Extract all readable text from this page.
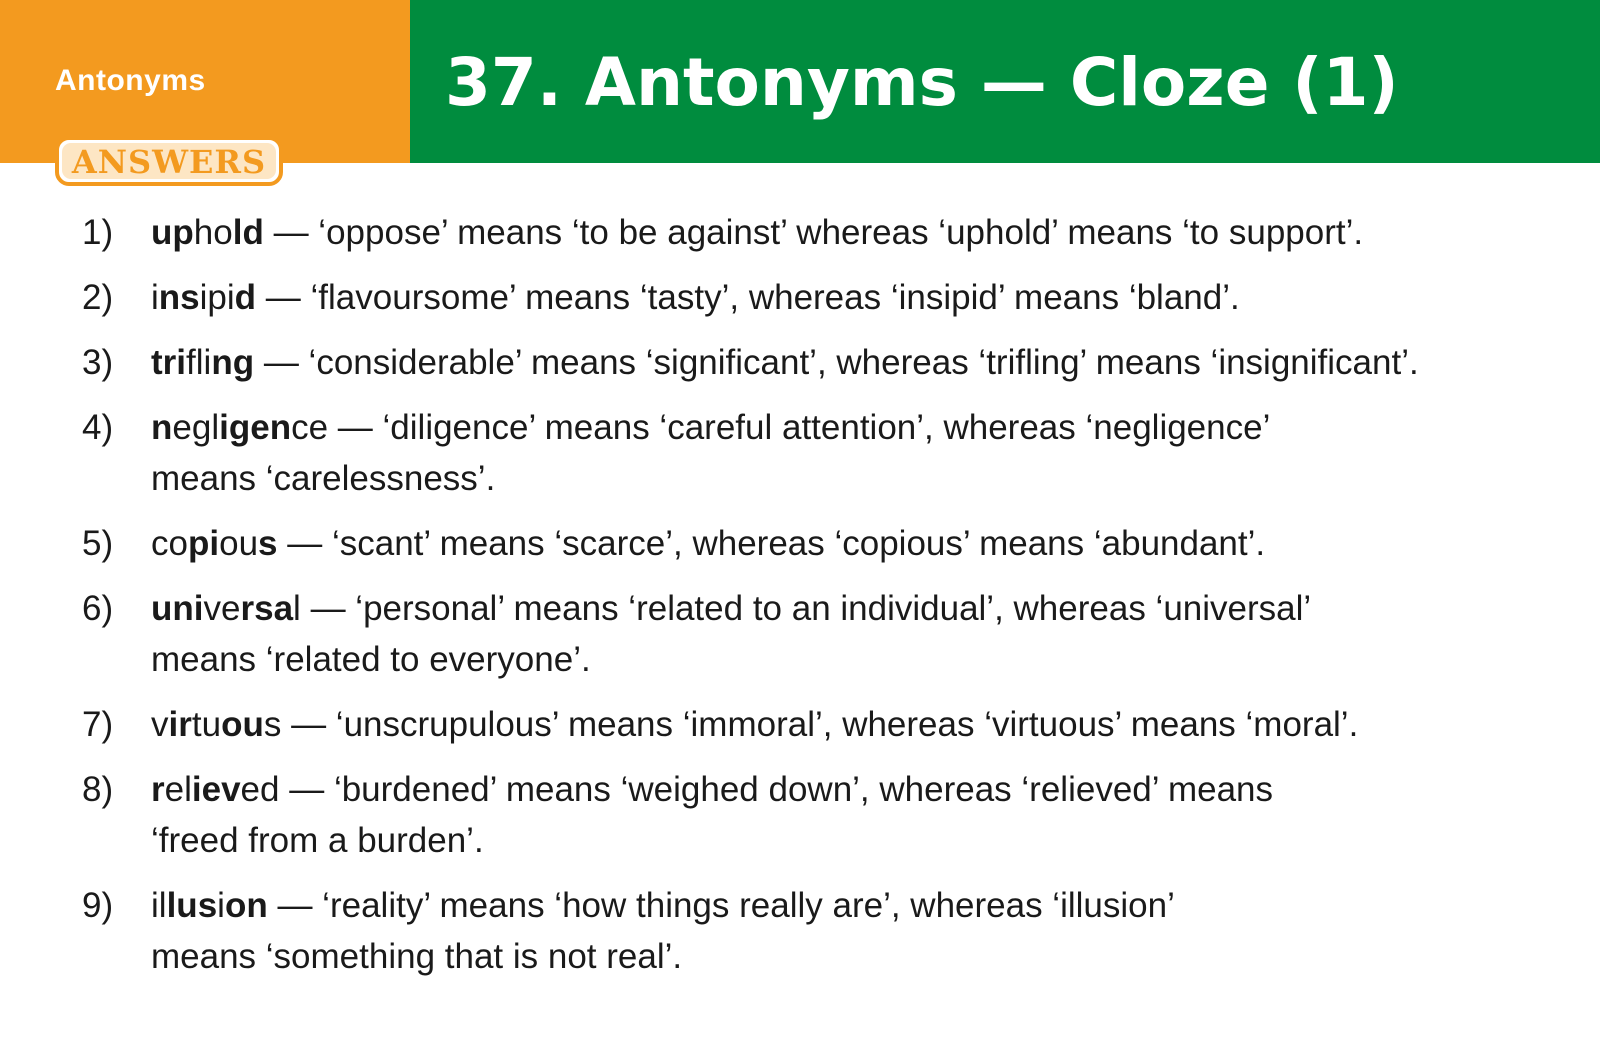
Antonyms	37. Antonyms — Cloze (1)
ANSWERS
1) uphold — ‘oppose’ means ‘to be against’ whereas ‘uphold’ means ‘to support’.
2) insipid — ‘flavoursome’ means ‘tasty’, whereas ‘insipid’ means ‘bland’.
3) trifling — ‘considerable’ means ‘significant’, whereas ‘trifling’ means ‘insignificant’.
4) negligence — ‘diligence’ means ‘careful attention’, whereas ‘negligence’
means ‘carelessness’.
5) copious — ‘scant’ means ‘scarce’, whereas ‘copious’ means ‘abundant’.
6) universal — ‘personal’ means ‘related to an individual’, whereas ‘universal’
means ‘related to everyone’.
7) virtuous — ‘unscrupulous’ means ‘immoral’, whereas ‘virtuous’ means ‘moral’.
8) relieved — ‘burdened’ means ‘weighed down’, whereas ‘relieved’ means
‘freed from a burden’.
9) illusion — ‘reality’ means ‘how things really are’, whereas ‘illusion’
means ‘something that is not real’.
